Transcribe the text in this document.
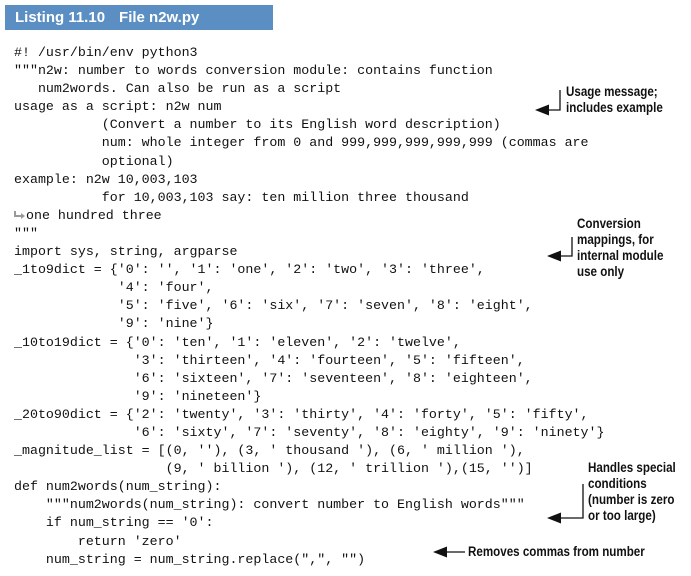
Listing 11.10 File n2w.py
#! /usr/bin/env python3
"""n2w: number to words conversion module: contains function
num2words. Can also be run as a script
usage as a script: n2w num
(Convert a number to its English word description)
num: whole integer from 0 and 999,999,999,999,999 (commas are
optional)
example: n2w 10,003,103
for 10,003,103 say: ten million three thousand
one hundred three
"""
import sys, string, argparse
_1to9dict = {'0': '', '1': 'one', '2': 'two', '3': 'three',
'4': 'four',
'5': 'five', '6': 'six', '7': 'seven', '8': 'eight',
'9': 'nine'}
_10to19dict = {'0': 'ten', '1': 'eleven', '2': 'twelve',
'3': 'thirteen', '4': 'fourteen', '5': 'fifteen',
'6': 'sixteen', '7': 'seventeen', '8': 'eighteen',
'9': 'nineteen'}
_20to90dict = {'2': 'twenty', '3': 'thirty', '4': 'forty', '5': 'fifty',
'6': 'sixty', '7': 'seventy', '8': 'eighty', '9': 'ninety'}
_magnitude_list = [(0, ''), (3, ' thousand '), (6, ' million '),
(9, ' billion '), (12, ' trillion '),(15, '')]
def num2words(num_string):
"""num2words(num_string): convert number to English words"""
if num_string == '0':
return 'zero'
num_string = num_string.replace(",", "")
Usage message;
includes example
Conversion
mappings, for
internal module
use only
Handles special
conditions
(number is zero
or too large)
Removes commas from number
